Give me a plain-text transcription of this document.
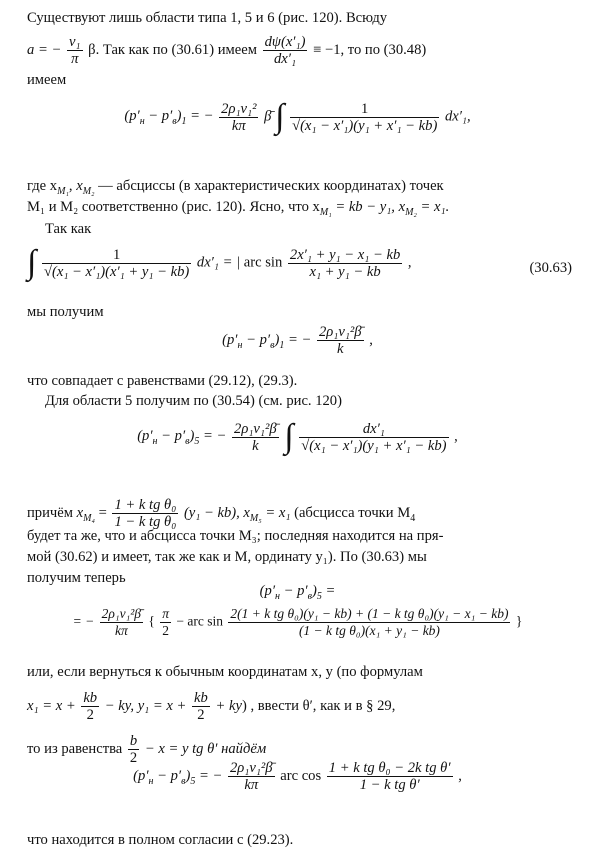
Существуют лишь области типа 1, 5 и 6 (рис. 120). Всюду
a = − $\frac{\text{v₁}}{\pi} \beta$. Так как по (30.61) имеем $\frac{\text{dψ(x′₁)}}{\text{dx′₁}} \equiv -1$, то по (30.48)
имеем
$(p'_н - p'_в)_1$ = − $\frac{\text{2ρ₁v₁²}}{k\pi}$ β̄ ∫ $\frac{1}{\text{√(x₁ − x′₁)(y₁ + x′₁ − kb)}} dx'_1$,
где $x_{M_1}$, $x_{M_2}$ — абсциссы (в характеристических координатах) точек
M₁ и M₂ соответственно (рис. 120). Ясно, что $x_{M_1}$ = kb − y₁, $x_{M_2} = x_1$.
Так как
∫ $\frac{1}{\text{√(x₁ − x′₁)(x′₁ + y₁ − kb)}} dx'_1$ = | arc $\sin \frac{\text{2x′₁ + y₁ − x₁ − kb}}{\text{x₁ + y₁ − kb}}$ ,	(30.63)
мы получим
$(p'_н - p'_в)_1$ = − $\frac{\text{2ρ₁v₁²β̄}}{k}$ ,
что совпадает с равенствами (29.12), (29.3).
Для области 5 получим по (30.54) (см. рис. 120)
$(p'_н - p'_в)_5$ = − $\frac{\text{2ρ₁v₁²β̄}}{k}$ ∫ $\frac{\text{dx′₁}}{\text{√(x₁ − x′₁)(y₁ + x′₁ − kb)}}$ ,
причём $x_{M_4} = \frac{\text{1 + k tg θ₀}}{\text{1 − k tg θ₀}} (y_1 - kb)$, $x_{M_5} = x_1$ (абсцисса точки $M_4$
будет та же, что и абсцисса точки M₃; последняя находится на пря-
мой (30.62) и имеет, так же как и M, ординату y₁). По (30.63) мы
получим теперь
$(p'_н - p'_в)_5$ =
= − $\frac{\text{2ρ₁v₁²β̄}}{k\pi}$ { $\frac{\pi}{2}$ − arc $\sin \frac{\text{2(1 + k tg θ₀)(y₁ − kb) + (1 − k tg θ₀)(y₁ − x₁ − kb)}}{\text{(1 − k tg θ₀)(x₁ + y₁ − kb)}}$ }
или, если вернуться к обычным координатам x, y (по формулам
$x_1 = x + \frac{kb}{2}$ − ky, $y_1 = x + \frac{kb}{2} + ky$) , ввести θ′, как и в § 29,
то из равенства $\frac{b}{2} - x = y$ tg θ′ найдём
$(p'_н - p'_в)_5$ = − $\frac{\text{2ρ₁v₁²β̄}}{k\pi}$ arc $\cos \frac{\text{1 + k tg θ₀ − 2k tg θ′}}{\text{1 − k tg θ′}}$ ,
что находится в полном согласии с (29.23).
